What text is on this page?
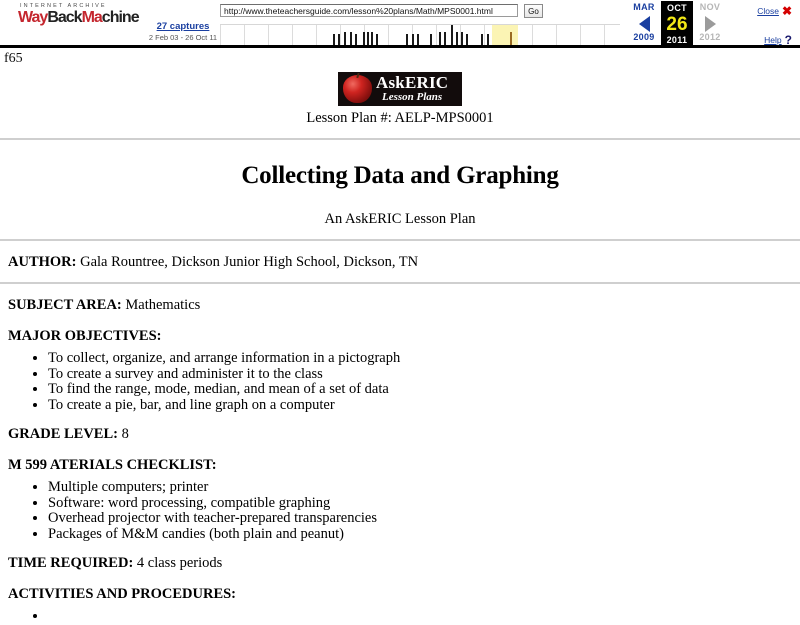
INTERNET ARCHIVE
WayBackMachine
27 captures
2 Feb 03 - 26 Oct 11
http://www.theteachersguide.com/lesson%20plans/Math/MPS0001.html
Go	MAR
2009
OCT
26
2011
NOV
2012
Close ✖
Help ?
f65
AskERIC
Lesson Plans
Lesson Plan #: AELP-MPS0001
Collecting Data and Graphing
An AskERIC Lesson Plan
AUTHOR: Gala Rountree, Dickson Junior High School, Dickson, TN
SUBJECT AREA: Mathematics
MAJOR OBJECTIVES:
• To collect, organize, and arrange information in a pictograph
• To create a survey and administer it to the class
• To find the range, mode, median, and mean of a set of data
• To create a pie, bar, and line graph on a computer
GRADE LEVEL: 8
M 599 ATERIALS CHECKLIST:
• Multiple computers; printer
• Software: word processing, compatible graphing
• Overhead projector with teacher-prepared transparencies
• Packages of M&M candies (both plain and peanut)
TIME REQUIRED: 4 class periods
ACTIVITIES AND PROCEDURES:
•
